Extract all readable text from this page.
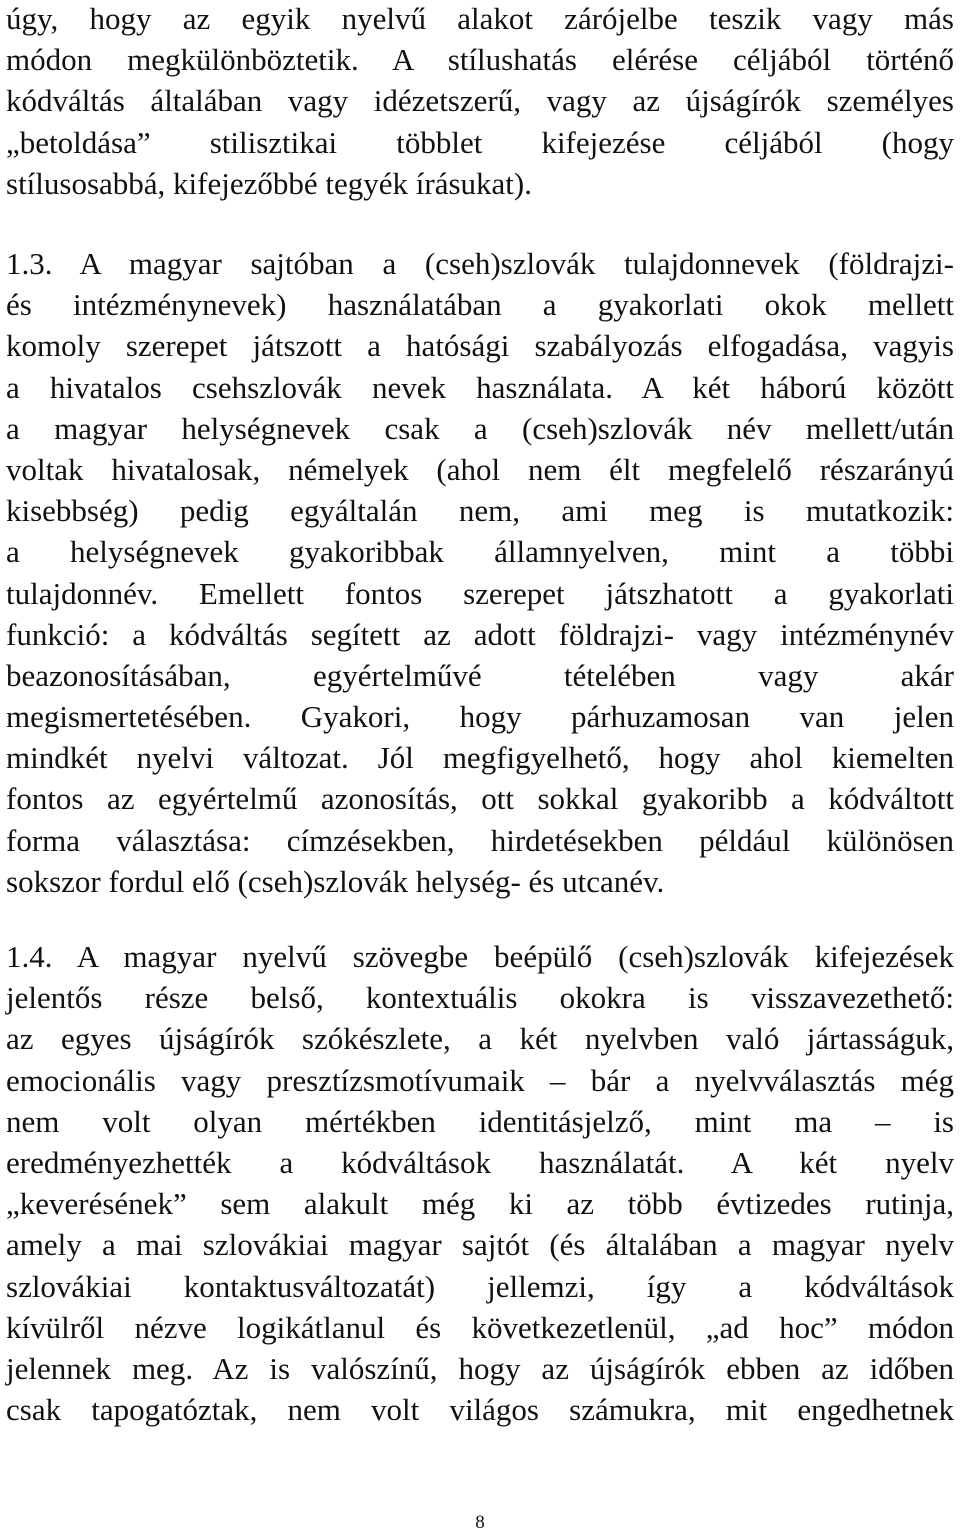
úgy, hogy az egyik nyelvű alakot zárójelbe teszik vagy más
módon megkülönböztetik. A stílushatás elérése céljából történő
kódváltás általában vagy idézetszerű, vagy az újságírók személyes
„betoldása” stilisztikai többlet kifejezése céljából (hogy
stílusosabbá, kifejezőbbé tegyék írásukat).

1.3. A magyar sajtóban a (cseh)szlovák tulajdonnevek (földrajzi-
és intézménynevek) használatában a gyakorlati okok mellett
komoly szerepet játszott a hatósági szabályozás elfogadása, vagyis
a hivatalos csehszlovák nevek használata. A két háború között
a magyar helységnevek csak a (cseh)szlovák név mellett/után
voltak hivatalosak, némelyek (ahol nem élt megfelelő részarányú
kisebbség) pedig egyáltalán nem, ami meg is mutatkozik:
a helységnevek gyakoribbak államnyelven, mint a többi
tulajdonnév. Emellett fontos szerepet játszhatott a gyakorlati
funkció: a kódváltás segített az adott földrajzi- vagy intézménynév
beazonosításában, egyértelművé tételében vagy akár
megismertetésében. Gyakori, hogy párhuzamosan van jelen
mindkét nyelvi változat. Jól megfigyelhető, hogy ahol kiemelten
fontos az egyértelmű azonosítás, ott sokkal gyakoribb a kódváltott
forma választása: címzésekben, hirdetésekben például különösen
sokszor fordul elő (cseh)szlovák helység- és utcanév.

1.4. A magyar nyelvű szövegbe beépülő (cseh)szlovák kifejezések
jelentős része belső, kontextuális okokra is visszavezethető:
az egyes újságírók szókészlete, a két nyelvben való jártasságuk,
emocionális vagy presztízsmotívumaik – bár a nyelvválasztás még
nem volt olyan mértékben identitásjelző, mint ma – is
eredményezhették a kódváltások használatát. A két nyelv
„keverésének” sem alakult még ki az több évtizedes rutinja,
amely a mai szlovákiai magyar sajtót (és általában a magyar nyelv
szlovákiai kontaktusváltozatát) jellemzi, így a kódváltások
kívülről nézve logikátlanul és következetlenül, „ad hoc” módon
jelennek meg. Az is valószínű, hogy az újságírók ebben az időben
csak tapogatóztak, nem volt világos számukra, mit engedhetnek

8
